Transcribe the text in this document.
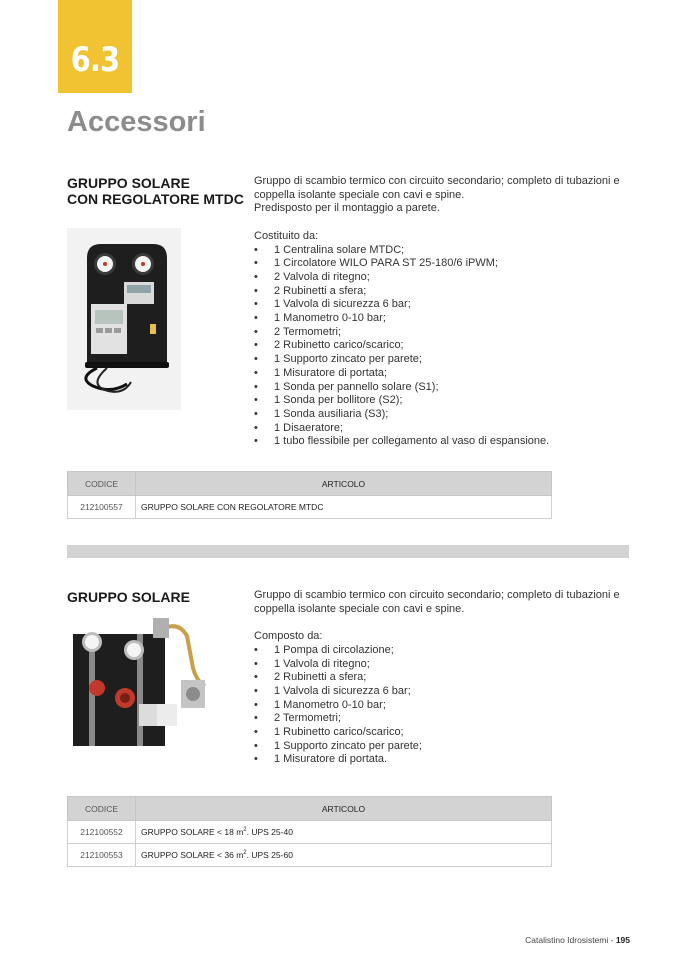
6.3
Accessori
GRUPPO SOLARE
CON REGOLATORE MTDC

Gruppo di scambio termico con circuito secondario; completo di tubazioni e coppella isolante speciale con cavi e spine.

Predisposto per il montaggio a parete.

Costituito da:

• 1 Centralina solare MTDC;
• 1 Circolatore WILO PARA ST 25-180/6 iPWM;
• 2 Valvola di ritegno;
• 2 Rubinetti a sfera;
• 1 Valvola di sicurezza 6 bar;
• 1 Manometro 0-10 bar;
• 2 Termometri;
• 2 Rubinetto carico/scarico;
• 1 Supporto zincato per parete;
• 1 Misuratore di portata;
• 1 Sonda per pannello solare (S1);
• 1 Sonda per bollitore (S2);
• 1 Sonda ausiliaria (S3);
• 1 Disaeratore;
• 1 tubo flessibile per collegamento al vaso di espansione.
CODICE	ARTICOLO
212100557	GRUPPO SOLARE CON REGOLATORE MTDC
GRUPPO SOLARE	Gruppo di scambio termico con circuito secondario; completo di tubazioni e coppella isolante speciale con cavi e spine.

Composto da:

• 1 Pompa di circolazione;
• 1 Valvola di ritegno;
• 2 Rubinetti a sfera;
• 1 Valvola di sicurezza 6 bar;
• 1 Manometro 0-10 bar;
• 2 Termometri;
• 1 Rubinetto carico/scarico;
• 1 Supporto zincato per parete;
• 1 Misuratore di portata.
CODICE	ARTICOLO
212100552	GRUPPO SOLARE < 18 $m^2$. UPS 25-40
212100553	GRUPPO SOLARE < 36 $m^2$. UPS 25-60
Catalistino Idrosistemi - 195
